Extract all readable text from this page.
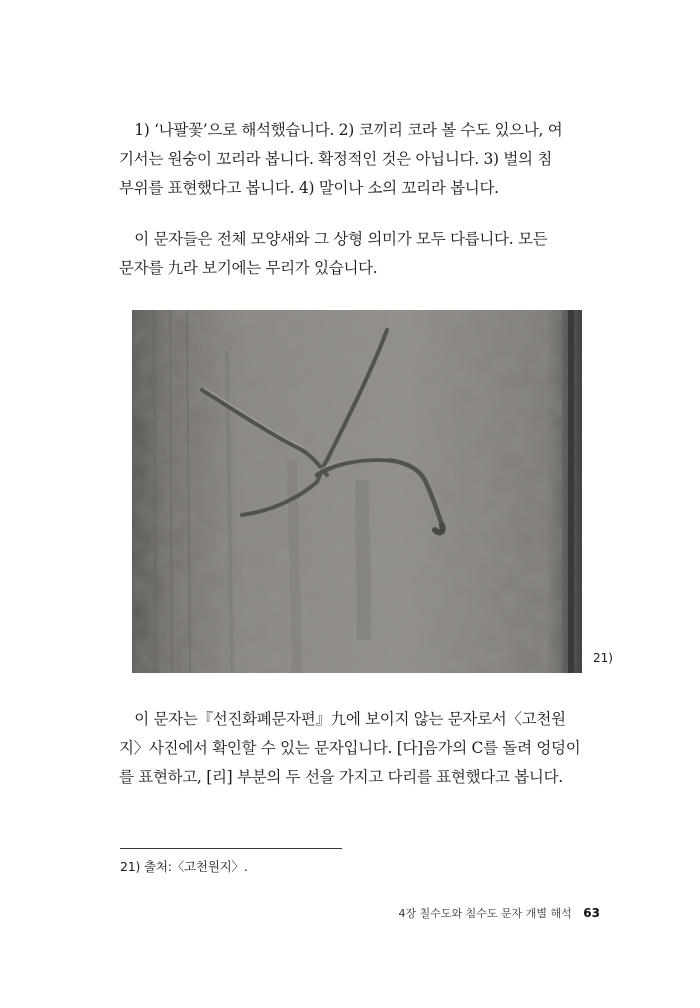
　1) ‘나팔꽃’으로 해석했습니다. 2) 코끼리 코라 볼 수도 있으나, 여
기서는 원숭이 꼬리라 봅니다. 확정적인 것은 아닙니다. 3) 벌의 침
부위를 표현했다고 봅니다. 4) 말이나 소의 꼬리라 봅니다.

　이 문자들은 전체 모양새와 그 상형 의미가 모두 다릅니다. 모든
문자를 九라 보기에는 무리가 있습니다.

21)

　이 문자는『선진화폐문자편』九에 보이지 않는 문자로서〈고천원
지〉사진에서 확인할 수 있는 문자입니다. [다]음가의 C를 돌려 엉덩이
를 표현하고, [리] 부분의 두 선을 가지고 다리를 표현했다고 봅니다.

21) 출처:〈고천원지〉.
4장 칠수도와 침수도 문자 개별 해석 63
